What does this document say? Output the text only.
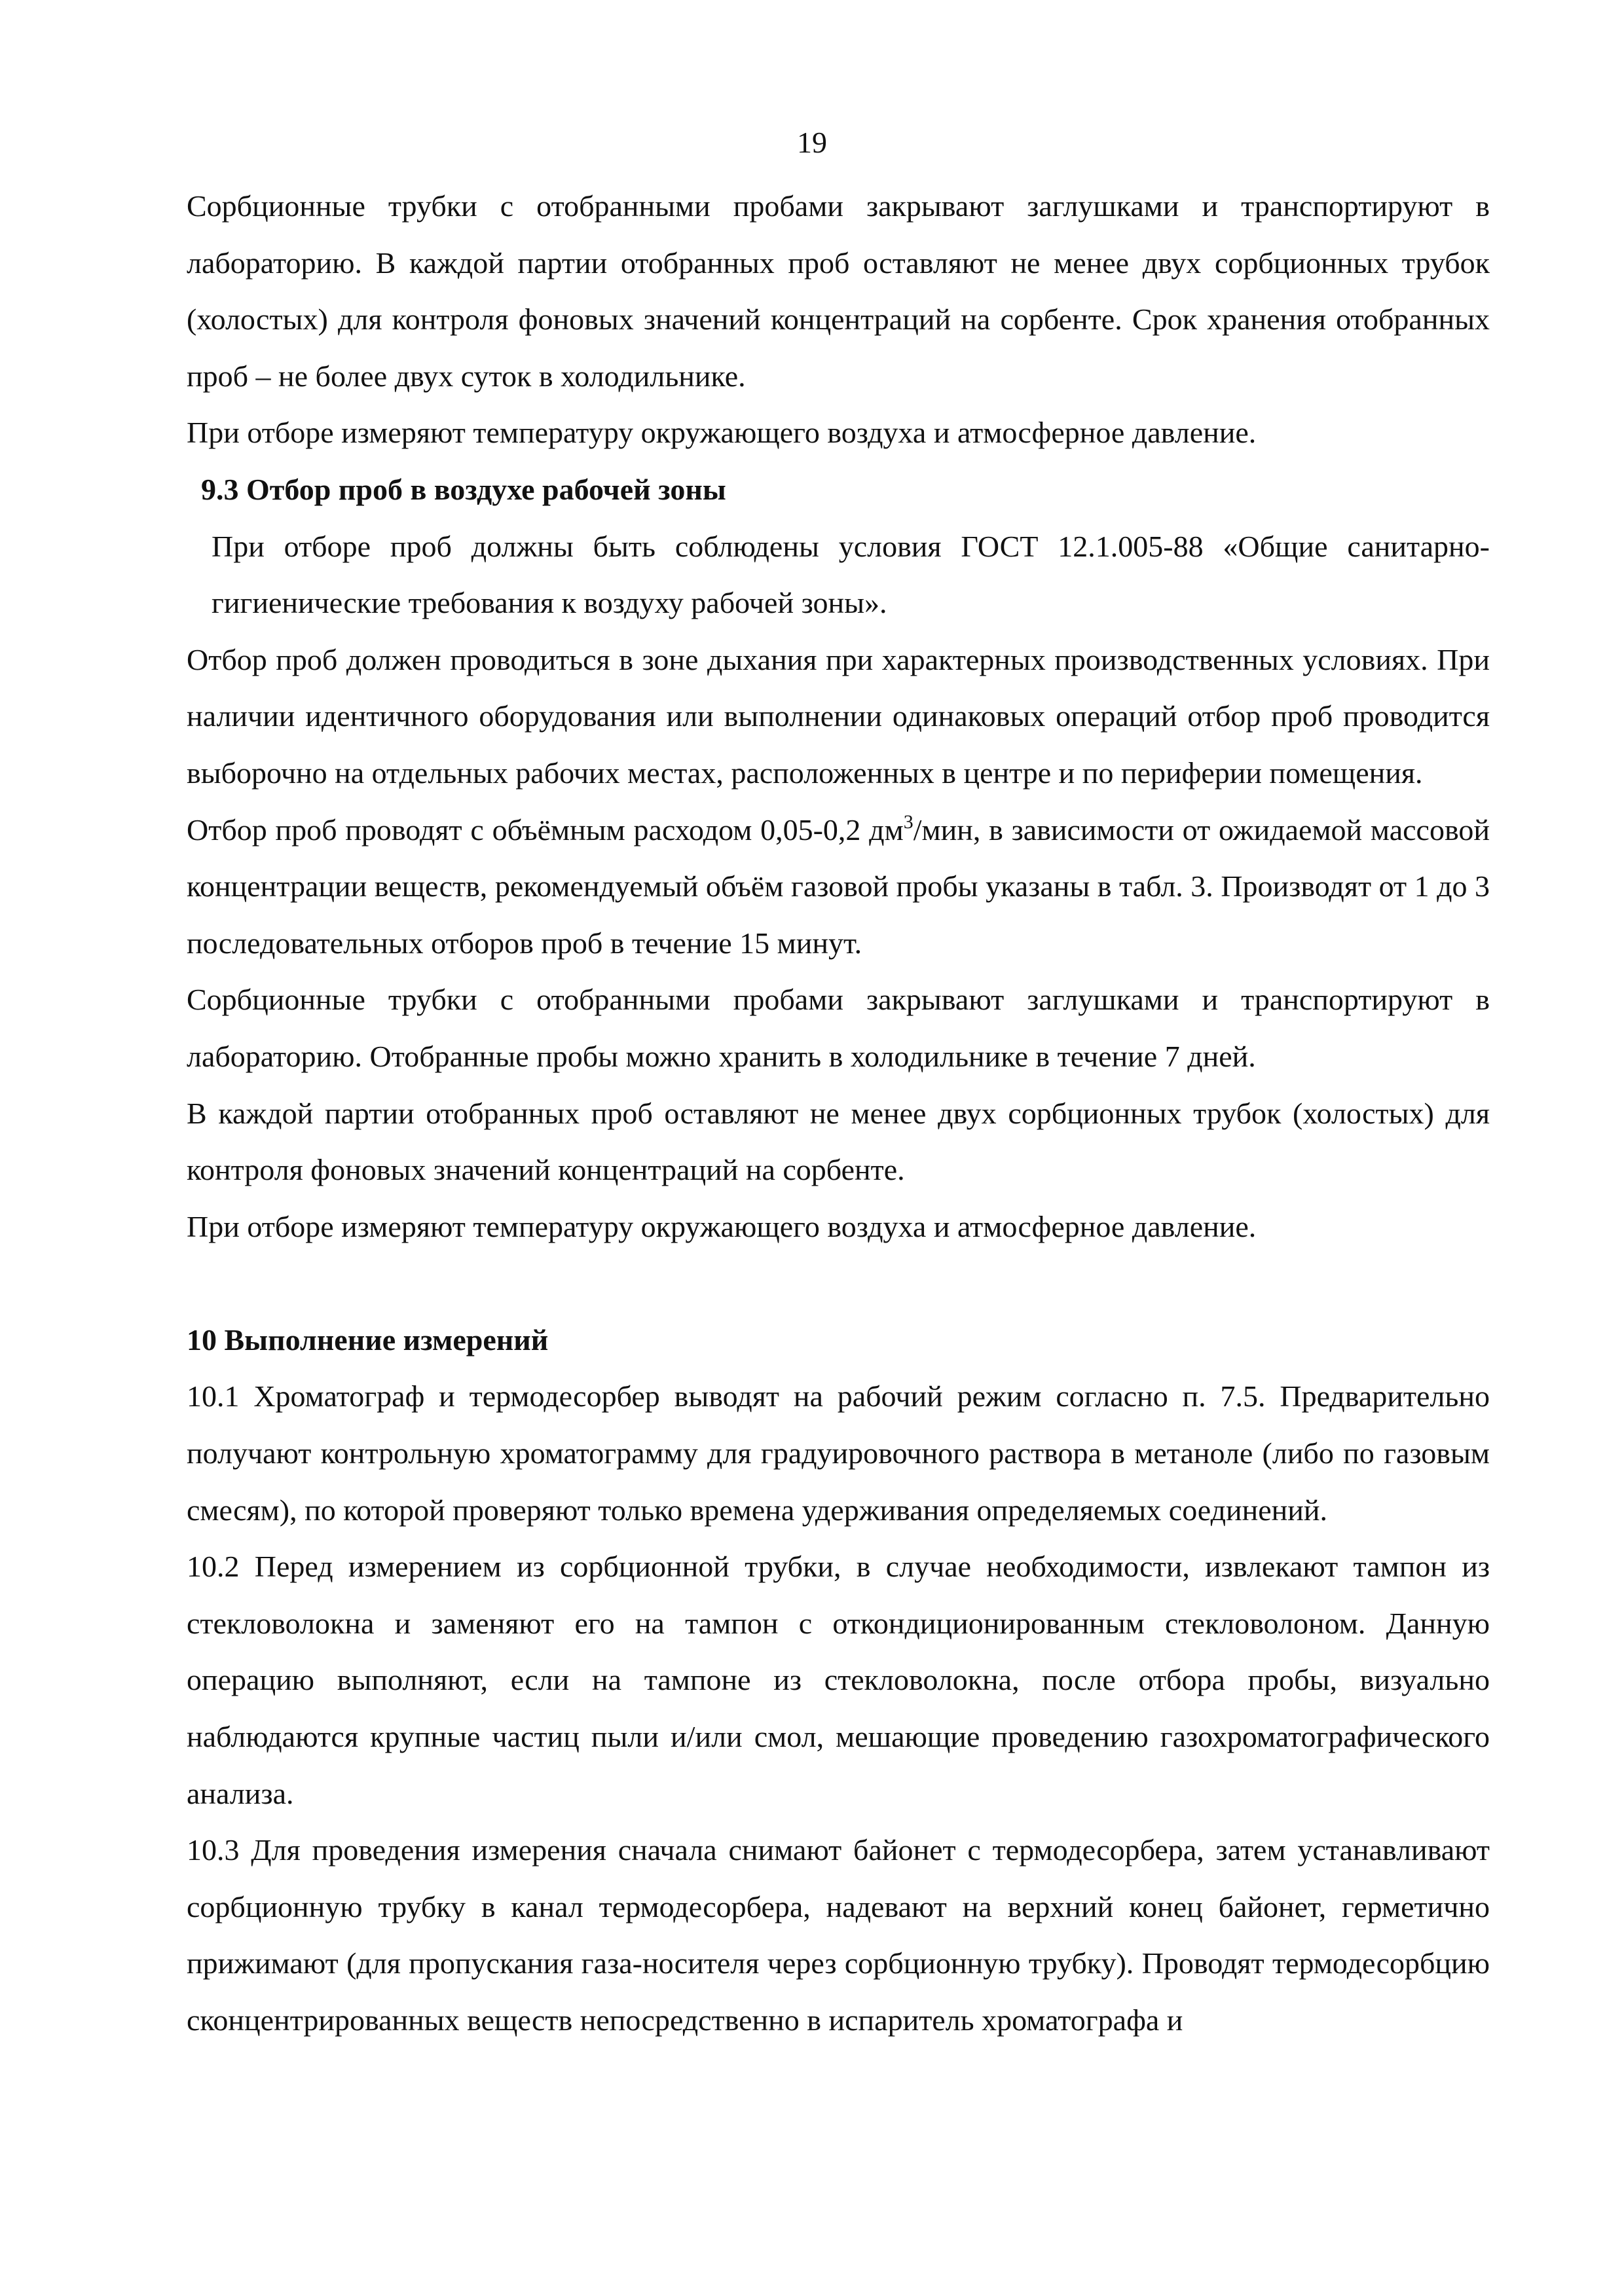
19

Сорбционные трубки с отобранными пробами закрывают заглушками и транспортируют в лабораторию. В каждой партии отобранных проб оставляют не менее двух сорбционных трубок (холостых) для контроля фоновых значений концентраций на сорбенте. Срок хранения отобранных проб – не более двух суток в холодильнике.

При отборе измеряют температуру окружающего воздуха и атмосферное давление.

9.3 Отбор проб в воздухе рабочей зоны

При отборе проб должны быть соблюдены условия ГОСТ 12.1.005-88 «Общие санитарно-гигиенические требования к воздуху рабочей зоны».

Отбор проб должен проводиться в зоне дыхания при характерных производственных условиях. При наличии идентичного оборудования или выполнении одинаковых операций отбор проб проводится выборочно на отдельных рабочих местах, расположенных в центре и по периферии помещения.

Отбор проб проводят с объёмным расходом 0,05-0,2 $дм^3$/мин, в зависимости от ожидаемой массовой концентрации веществ, рекомендуемый объём газовой пробы указаны в табл. 3. Производят от 1 до 3 последовательных отборов проб в течение 15 минут.

Сорбционные трубки с отобранными пробами закрывают заглушками и транспортируют в лабораторию. Отобранные пробы можно хранить в холодильнике в течение 7 дней.

В каждой партии отобранных проб оставляют не менее двух сорбционных трубок (холостых) для контроля фоновых значений концентраций на сорбенте.

При отборе измеряют температуру окружающего воздуха и атмосферное давление.

10 Выполнение измерений

10.1 Хроматограф и термодесорбер выводят на рабочий режим согласно п. 7.5. Предварительно получают контрольную хроматограмму для градуировочного раствора в метаноле (либо по газовым смесям), по которой проверяют только времена удерживания определяемых соединений.

10.2 Перед измерением из сорбционной трубки, в случае необходимости, извлекают тампон из стекловолокна и заменяют его на тампон с откондиционированным стекловолоном. Данную операцию выполняют, если на тампоне из стекловолокна, после отбора пробы, визуально наблюдаются крупные частиц пыли и/или смол, мешающие проведению газохроматографического анализа.

10.3 Для проведения измерения сначала снимают байонет с термодесорбера, затем устанавливают сорбционную трубку в канал термодесорбера, надевают на верхний конец байонет, герметично прижимают (для пропускания газа-носителя через сорбционную трубку). Проводят термодесорбцию сконцентрированных веществ непосредственно в испаритель хроматографа и
